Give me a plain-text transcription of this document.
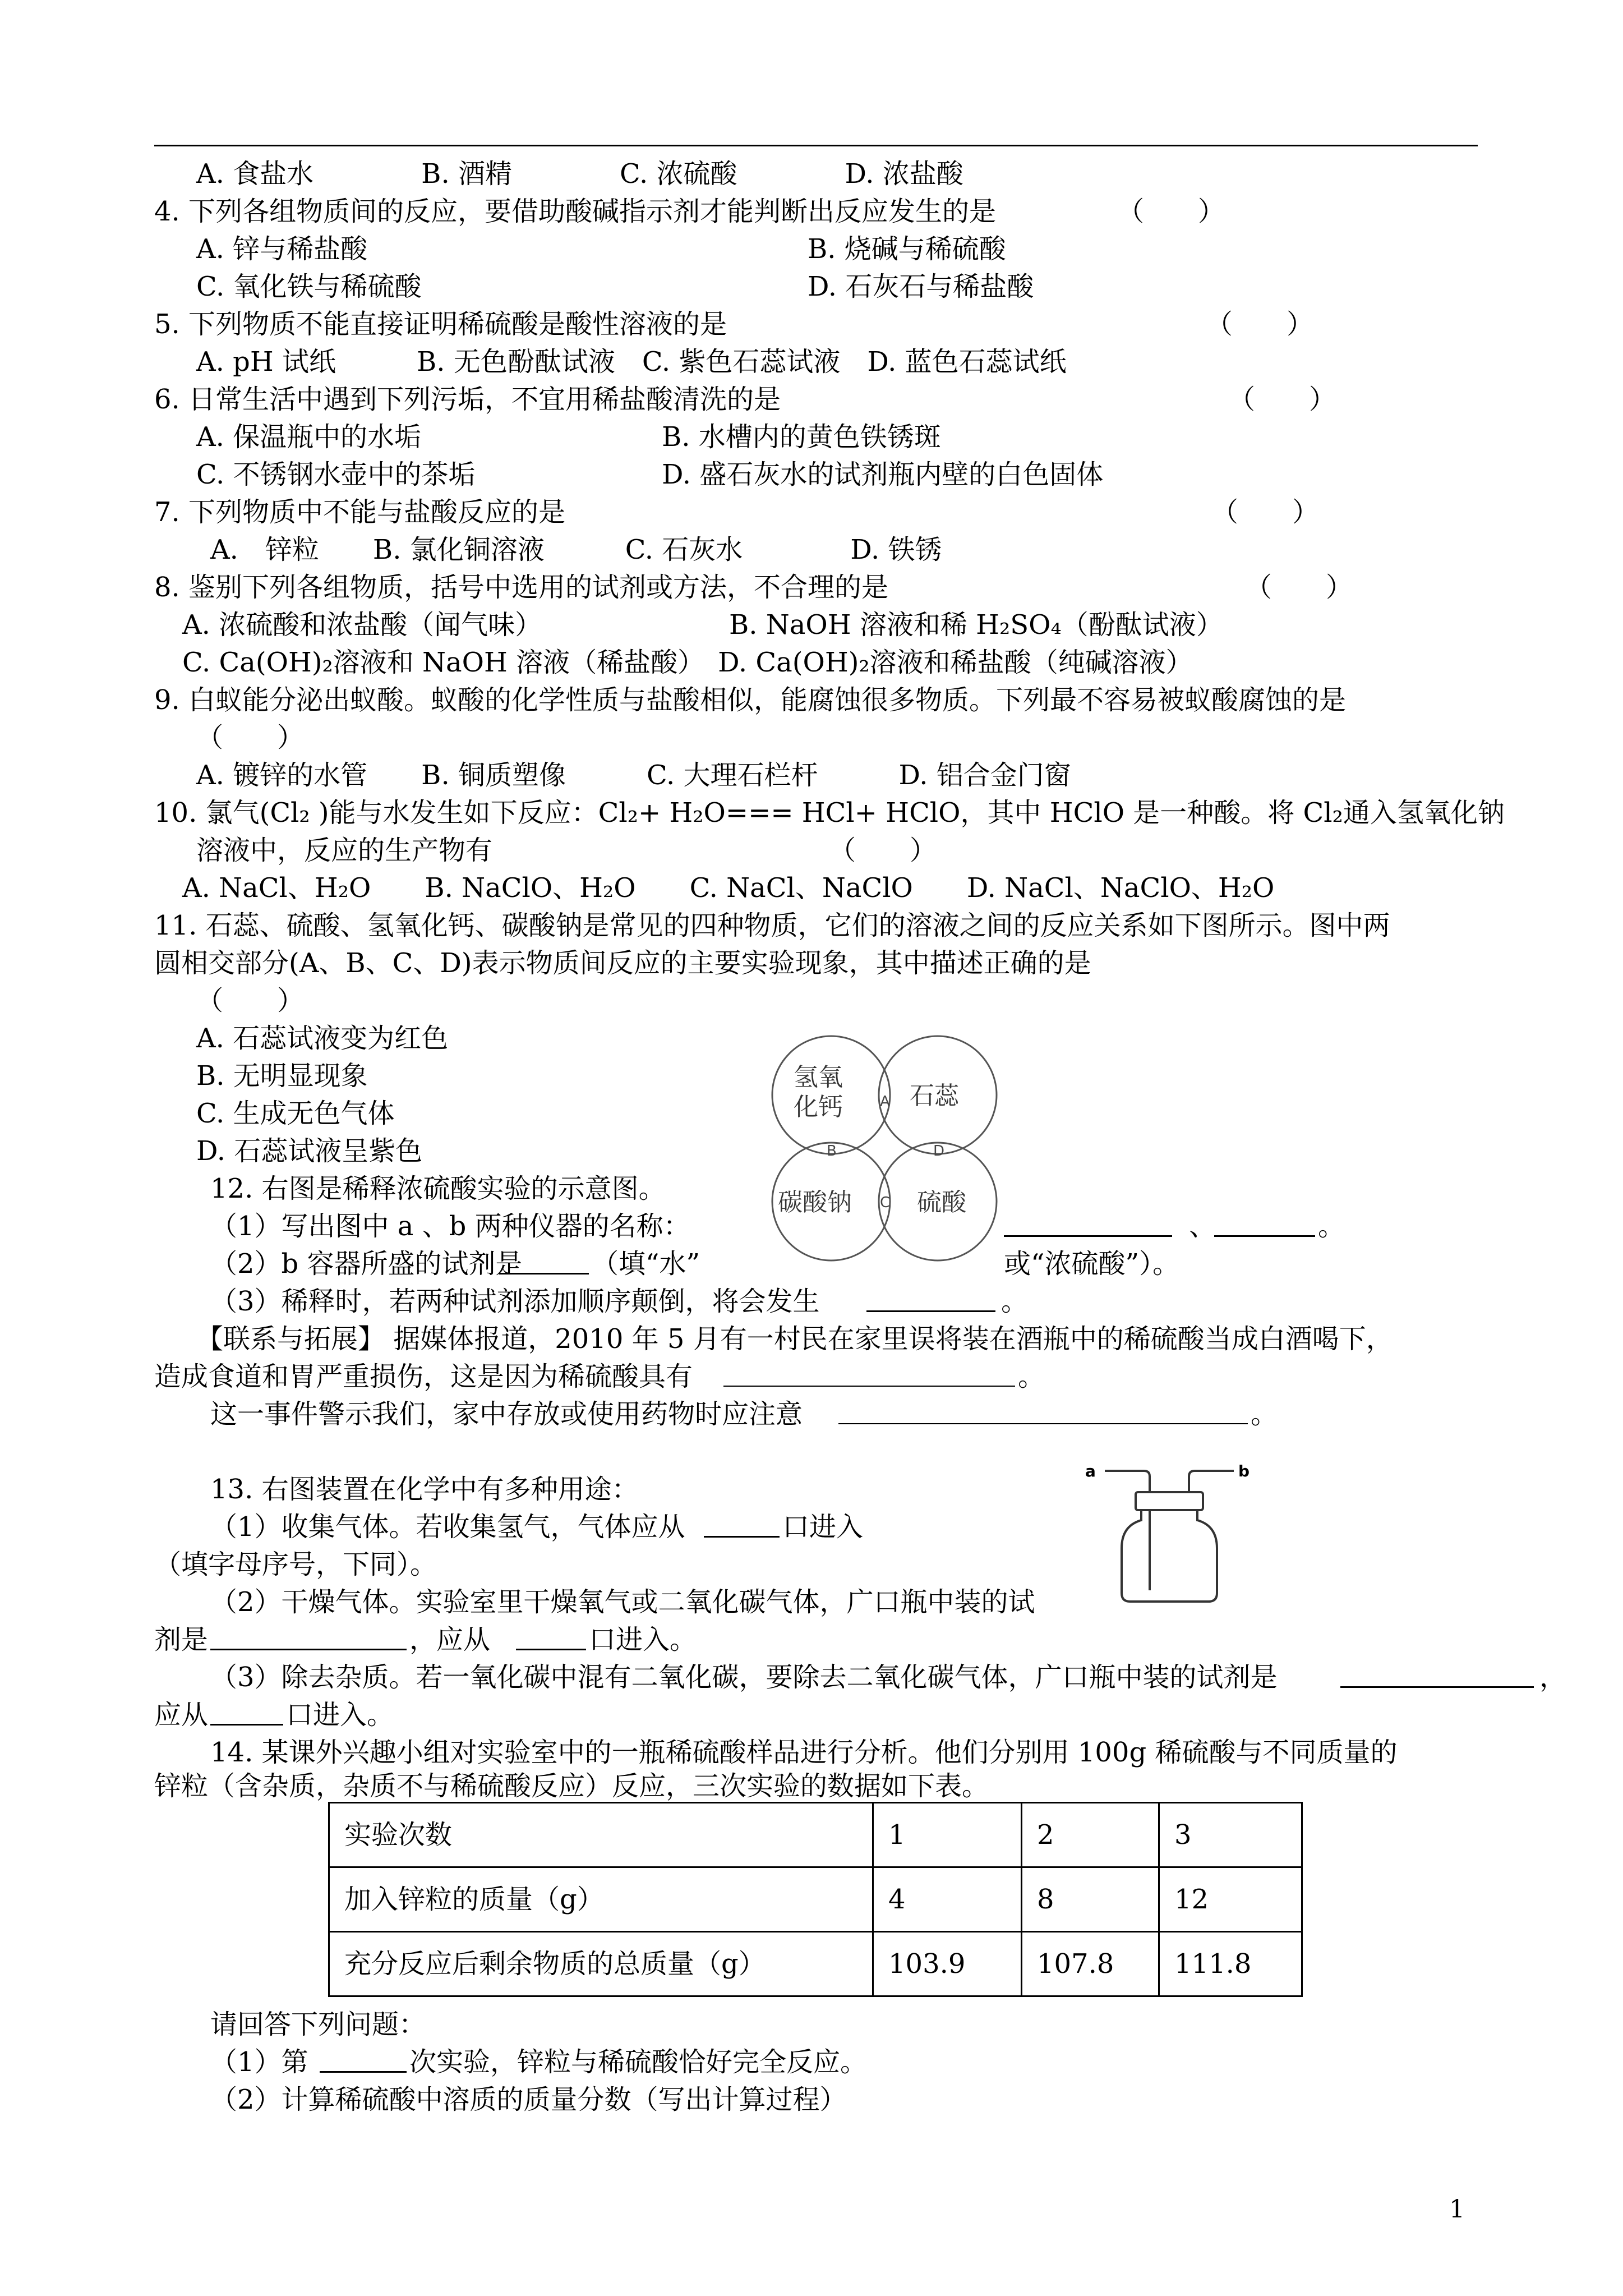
A. 食盐水　　　　B. 酒精　　　　C. 浓硫酸　　　　D. 浓盐酸
4. 下列各组物质间的反应，要借助酸碱指示剂才能判断出反应发生的是　　　　　（　　）
A. 锌与稀盐酸	B. 烧碱与稀硫酸
C. 氧化铁与稀硫酸	D. 石灰石与稀盐酸
5. 下列物质不能直接证明稀硫酸是酸性溶液的是	（　　）
A. pH 试纸　　　B. 无色酚酞试液　C. 紫色石蕊试液　D. 蓝色石蕊试纸
6. 日常生活中遇到下列污垢，不宜用稀盐酸清洗的是	（　　）
A. 保温瓶中的水垢	B. 水槽内的黄色铁锈斑
C. 不锈钢水壶中的茶垢	D. 盛石灰水的试剂瓶内壁的白色固体
7. 下列物质中不能与盐酸反应的是	（　　）
A.　锌粒　　B. 氯化铜溶液　　　C. 石灰水　　　　D. 铁锈
8. 鉴别下列各组物质，括号中选用的试剂或方法，不合理的是	（　　）
A. 浓硫酸和浓盐酸（闻气味）	B. NaOH 溶液和稀 H₂SO₄（酚酞试液）
C. Ca(OH)₂溶液和 NaOH 溶液（稀盐酸）　D. Ca(OH)₂溶液和稀盐酸（纯碱溶液）
9. 白蚁能分泌出蚁酸。蚁酸的化学性质与盐酸相似，能腐蚀很多物质。下列最不容易被蚁酸腐蚀的是
（　　）
A. 镀锌的水管　　B. 铜质塑像　　　C. 大理石栏杆　　　D. 铝合金门窗
10. 氯气(Cl₂ )能与水发生如下反应：Cl₂+ H₂O=== HCl+ HClO，其中 HClO 是一种酸。将 Cl₂通入氢氧化钠
溶液中，反应的生产物有　　　　　　　　　　　　　（　　）
A. NaCl、H₂O　　B. NaClO、H₂O　　C. NaCl、NaClO　　D. NaCl、NaClO、H₂O
11. 石蕊、硫酸、氢氧化钙、碳酸钠是常见的四种物质，它们的溶液之间的反应关系如下图所示。图中两
圆相交部分(A、B、C、D)表示物质间反应的主要实验现象，其中描述正确的是
（　　）
A. 石蕊试液变为红色
B. 无明显现象
C. 生成无色气体
D. 石蕊试液呈紫色
氢氧
化钙	石蕊
碳酸钠	硫酸
A
B
C
D
12. 右图是稀释浓硫酸实验的示意图。
（1）写出图中 a 、b 两种仪器的名称：	、	。
（2）b 容器所盛的试剂是	（填“水”	或“浓硫酸”）。
（3）稀释时，若两种试剂添加顺序颠倒，将会发生	。
【联系与拓展】 据媒体报道，2010 年 5 月有一村民在家里误将装在酒瓶中的稀硫酸当成白酒喝下，
造成食道和胃严重损伤，这是因为稀硫酸具有	。
这一事件警示我们，家中存放或使用药物时应注意	。
a	b
13. 右图装置在化学中有多种用途：
（1）收集气体。若收集氢气，气体应从	口进入
（填字母序号，下同）。
（2）干燥气体。实验室里干燥氧气或二氧化碳气体，广口瓶中装的试
剂是	，应从	口进入。
（3）除去杂质。若一氧化碳中混有二氧化碳，要除去二氧化碳气体，广口瓶中装的试剂是	，
应从	口进入。
14. 某课外兴趣小组对实验室中的一瓶稀硫酸样品进行分析。他们分别用 100g 稀硫酸与不同质量的
锌粒（含杂质，杂质不与稀硫酸反应）反应，三次实验的数据如下表。
实验次数	1	2	3
加入锌粒的质量（g）	4	8	12
充分反应后剩余物质的总质量（g）	103.9	107.8	111.8
请回答下列问题：
（1）第	次实验，锌粒与稀硫酸恰好完全反应。
（2）计算稀硫酸中溶质的质量分数（写出计算过程）
1
